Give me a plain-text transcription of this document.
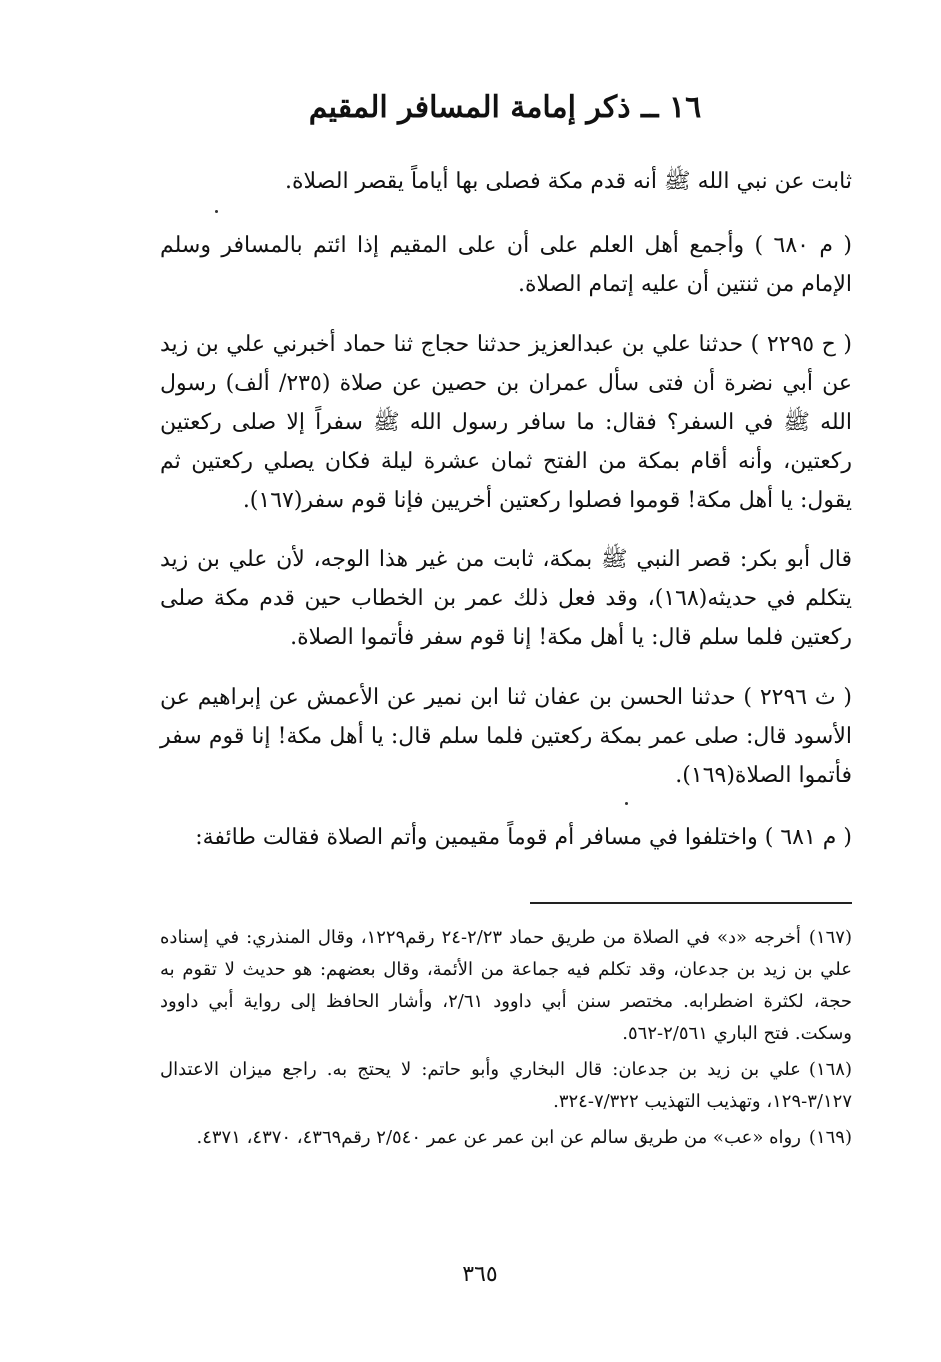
١٦ ــ ذكر إمامة المسافر المقيم

ثابت عن نبي الله ﷺ أنه قدم مكة فصلى بها أياماً يقصر الصلاة.

( م ٦٨٠ ) وأجمع أهل العلم على أن على المقيم إذا ائتم بالمسافر وسلم الإمام من ثنتين أن عليه إتمام الصلاة.

( ح ٢٢٩٥ ) حدثنا علي بن عبدالعزيز حدثنا حجاج ثنا حماد أخبرني علي بن زيد عن أبي نضرة أن فتى سأل عمران بن حصين عن صلاة (٢٣٥/ ألف) رسول الله ﷺ في السفر؟ فقال: ما سافر رسول الله ﷺ سفراً إلا صلى ركعتين ركعتين، وأنه أقام بمكة من الفتح ثمان عشرة ليلة فكان يصلي ركعتين ثم يقول: يا أهل مكة! قوموا فصلوا ركعتين أخريين فإنا قوم سفر(١٦٧).

قال أبو بكر: قصر النبي ﷺ بمكة، ثابت من غير هذا الوجه، لأن علي بن زيد يتكلم في حديثه(١٦٨)، وقد فعل ذلك عمر بن الخطاب حين قدم مكة صلى ركعتين فلما سلم قال: يا أهل مكة! إنا قوم سفر فأتموا الصلاة.

( ث ٢٢٩٦ ) حدثنا الحسن بن عفان ثنا ابن نمير عن الأعمش عن إبراهيم عن الأسود قال: صلى عمر بمكة ركعتين فلما سلم قال: يا أهل مكة! إنا قوم سفر فأتموا الصلاة(١٦٩).

( م ٦٨١ ) واختلفوا في مسافر أم قوماً مقيمين وأتم الصلاة فقالت طائفة:

(١٦٧)أخرجه «د» في الصلاة من طريق حماد ٢/٢٣-٢٤ رقم١٢٢٩، وقال المنذري: في إسناده علي بن زيد بن جدعان، وقد تكلم فيه جماعة من الأئمة، وقال بعضهم: هو حديث لا تقوم به حجة، لكثرة اضطرابه. مختصر سنن أبي داوود ٢/٦١، وأشار الحافظ إلى رواية أبي داوود وسكت. فتح الباري ٢/٥٦١-٥٦٢.

(١٦٨)علي بن زيد بن جدعان: قال البخاري وأبو حاتم: لا يحتج به. راجع ميزان الاعتدال ٣/١٢٧-١٢٩، وتهذيب التهذيب ٧/٣٢٢-٣٢٤.

(١٦٩)رواه «عب» من طريق سالم عن ابن عمر عن عمر ٢/٥٤٠ رقم٤٣٦٩، ٤٣٧٠، ٤٣٧١.

٣٦٥
